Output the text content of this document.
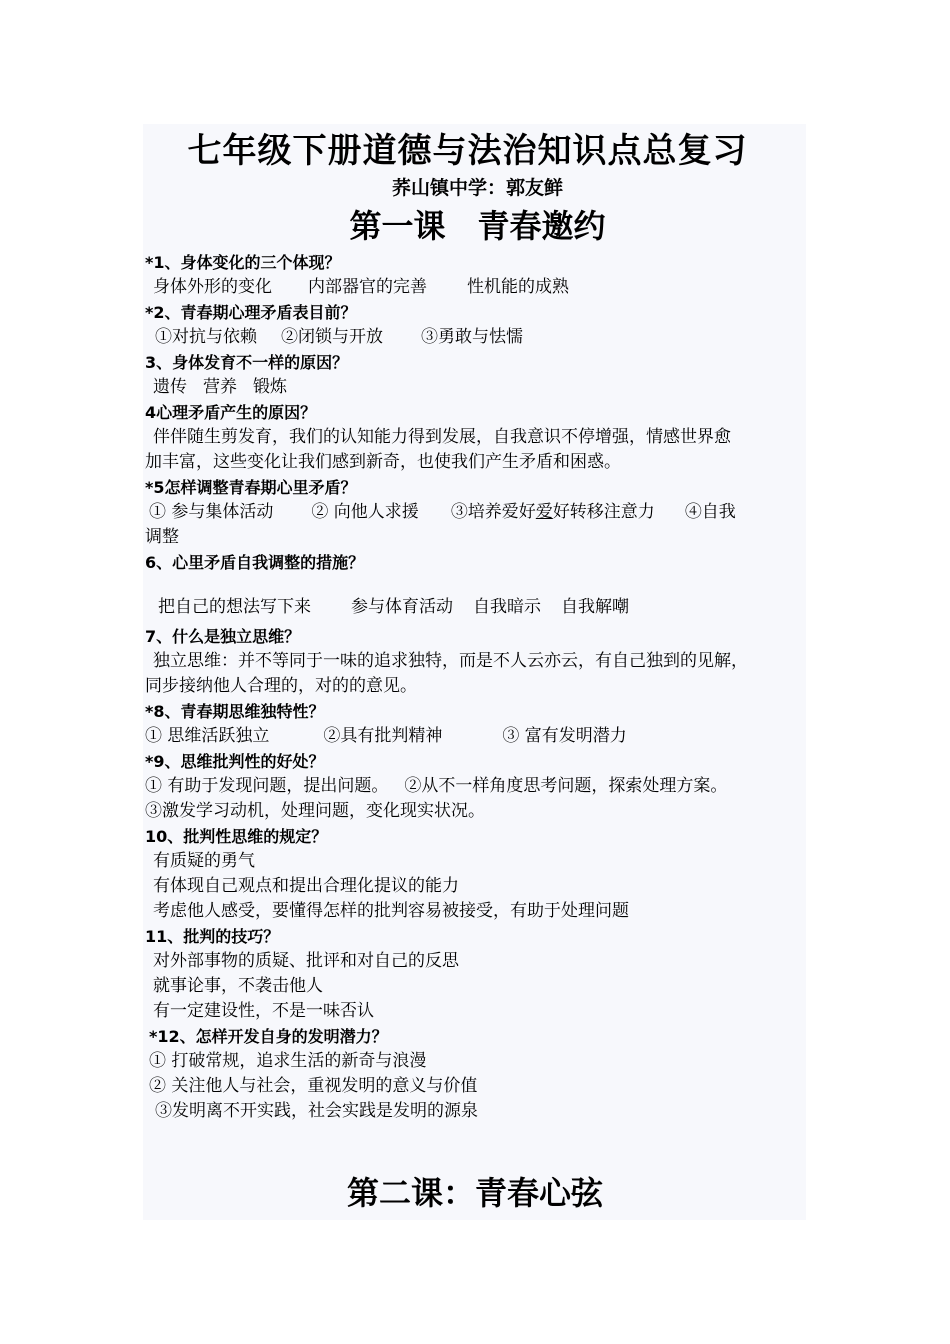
七年级下册道德与法治知识点总复习
荞山镇中学：郭友鲜
第一课　青春邀约
*1、身体变化的三个体现？
身体外形的变化 内部器官的完善 性机能的成熟
*2、青春期心理矛盾表目前？
①对抗与依赖 ②闭锁与开放 ③勇敢与怯懦
3、身体发育不一样的原因？
遗传 营养 锻炼
4心理矛盾产生的原因？
伴伴随生剪发育，我们的认知能力得到发展，自我意识不停增强，情感世界愈
加丰富，这些变化让我们感到新奇，也使我们产生矛盾和困惑。
*5怎样调整青春期心里矛盾？
① 参与集体活动 ② 向他人求援 ③培养爱好爱好转移注意力 ④自我
调整
6、心里矛盾自我调整的措施？
把自己的想法写下来 参与体育活动 自我暗示 自我解嘲
7、什么是独立思维？
独立思维：并不等同于一味的追求独特，而是不人云亦云，有自己独到的见解，
同步接纳他人合理的，对的的意见。
*8、青春期思维独特性？
① 思维活跃独立	②具有批判精神	③ 富有发明潜力
*9、思维批判性的好处？
① 有助于发现问题，提出问题。 ②从不一样角度思考问题，探索处理方案。
③激发学习动机，处理问题，变化现实状况。
10、批判性思维的规定？
有质疑的勇气
有体现自己观点和提出合理化提议的能力
考虑他人感受，要懂得怎样的批判容易被接受，有助于处理问题
11、批判的技巧？
对外部事物的质疑、批评和对自己的反思
就事论事，不袭击他人
有一定建设性，不是一味否认
*12、怎样开发自身的发明潜力？
① 打破常规，追求生活的新奇与浪漫
② 关注他人与社会，重视发明的意义与价值
③发明离不开实践，社会实践是发明的源泉
第二课：青春心弦
